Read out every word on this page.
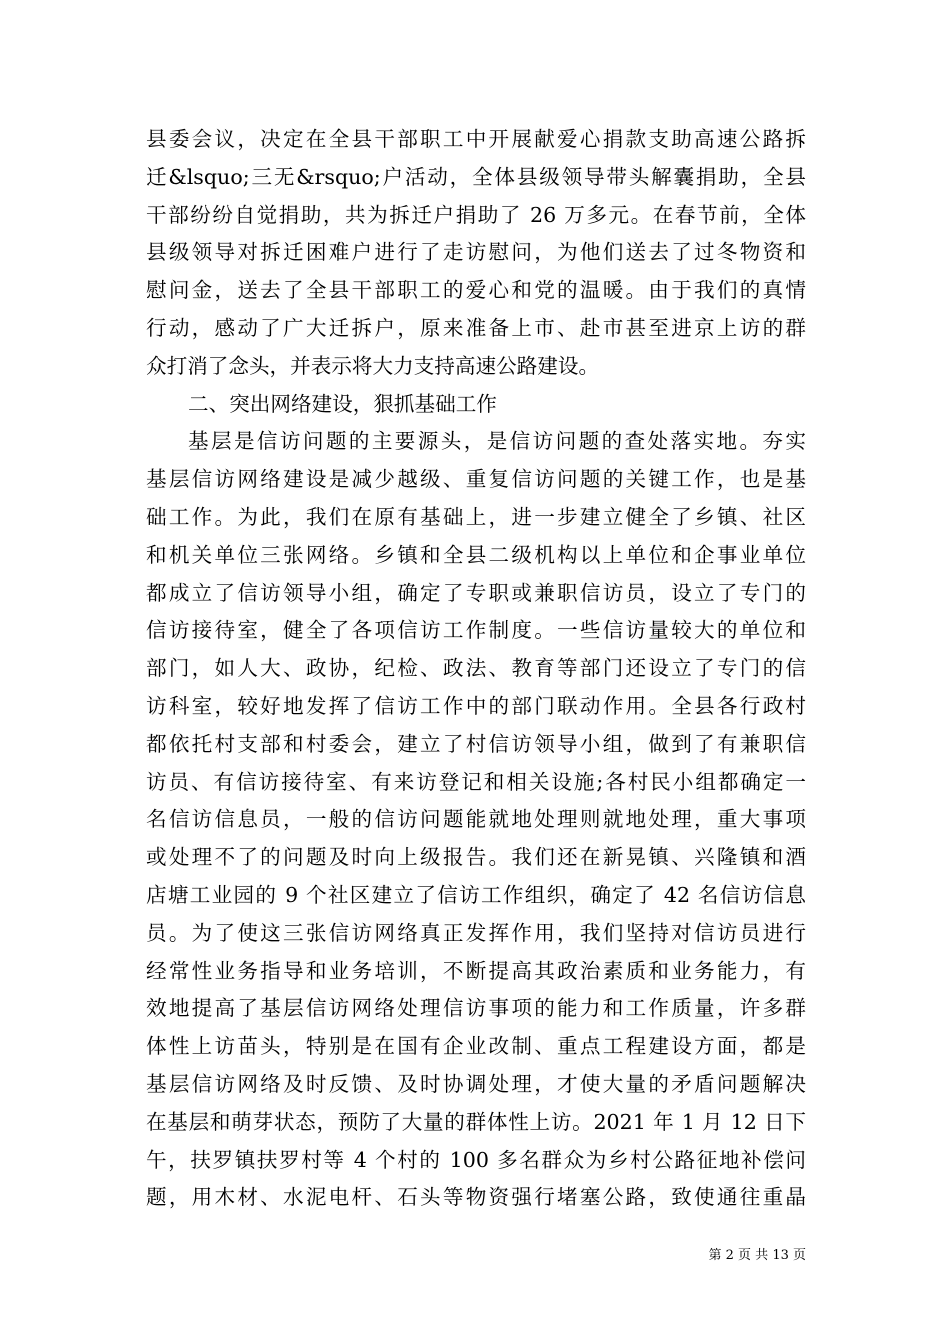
县委会议，决定在全县干部职工中开展献爱心捐款支助高速公路拆
迁&lsquo;三无&rsquo;户活动，全体县级领导带头解囊捐助，全县
干部纷纷自觉捐助，共为拆迁户捐助了 26 万多元。在春节前，全体
县级领导对拆迁困难户进行了走访慰问，为他们送去了过冬物资和
慰问金，送去了全县干部职工的爱心和党的温暖。由于我们的真情
行动，感动了广大迁拆户，原来准备上市、赴市甚至进京上访的群
众打消了念头，并表示将大力支持高速公路建设。
二、突出网络建设，狠抓基础工作
基层是信访问题的主要源头，是信访问题的查处落实地。夯实
基层信访网络建设是减少越级、重复信访问题的关键工作，也是基
础工作。为此，我们在原有基础上，进一步建立健全了乡镇、社区
和机关单位三张网络。乡镇和全县二级机构以上单位和企事业单位
都成立了信访领导小组，确定了专职或兼职信访员，设立了专门的
信访接待室，健全了各项信访工作制度。一些信访量较大的单位和
部门，如人大、政协，纪检、政法、教育等部门还设立了专门的信
访科室，较好地发挥了信访工作中的部门联动作用。全县各行政村
都依托村支部和村委会，建立了村信访领导小组，做到了有兼职信
访员、有信访接待室、有来访登记和相关设施;各村民小组都确定一
名信访信息员，一般的信访问题能就地处理则就地处理，重大事项
或处理不了的问题及时向上级报告。我们还在新晃镇、兴隆镇和酒
店塘工业园的 9 个社区建立了信访工作组织，确定了 42 名信访信息
员。为了使这三张信访网络真正发挥作用，我们坚持对信访员进行
经常性业务指导和业务培训，不断提高其政治素质和业务能力，有
效地提高了基层信访网络处理信访事项的能力和工作质量，许多群
体性上访苗头，特别是在国有企业改制、重点工程建设方面，都是
基层信访网络及时反馈、及时协调处理，才使大量的矛盾问题解决
在基层和萌芽状态，预防了大量的群体性上访。2021 年 1 月 12 日下
午，扶罗镇扶罗村等 4 个村的 100 多名群众为乡村公路征地补偿问
题，用木材、水泥电杆、石头等物资强行堵塞公路，致使通往重晶
第 2 页 共 13 页
